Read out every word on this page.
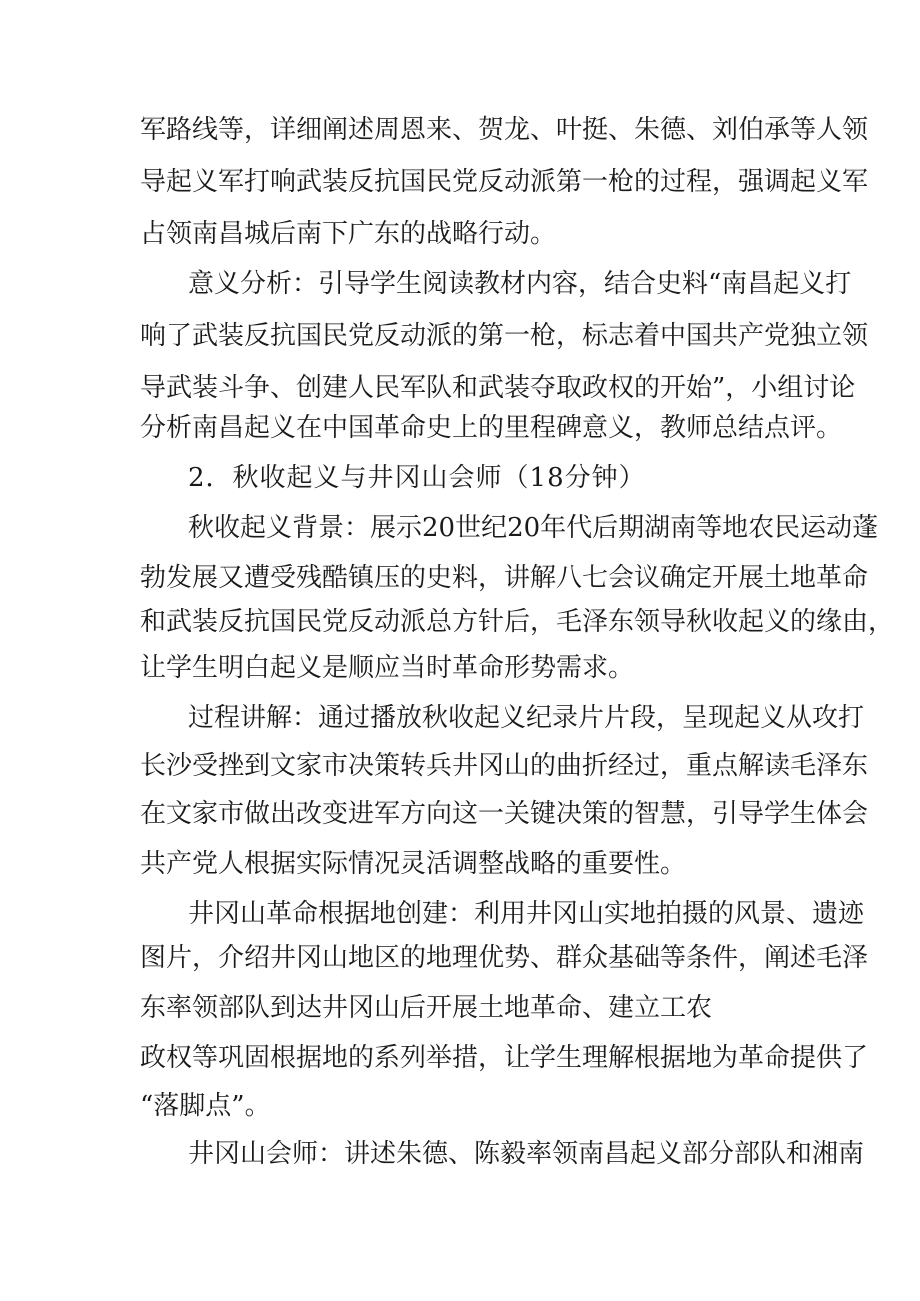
军路线等，详细阐述周恩来、贺龙、叶挺、朱德、刘伯承等人领
导起义军打响武装反抗国民党反动派第一枪的过程，强调起义军
占领南昌城后南下广东的战略行动。
意义分析：引导学生阅读教材内容，结合史料“南昌起义打
响了武装反抗国民党反动派的第一枪，标志着中国共产党独立领
导武装斗争、创建人民军队和武装夺取政权的开始”，小组讨论
分析南昌起义在中国革命史上的里程碑意义，教师总结点评。
2．秋收起义与井冈山会师（18分钟）
秋收起义背景：展示20世纪20年代后期湖南等地农民运动蓬
勃发展又遭受残酷镇压的史料，讲解八七会议确定开展土地革命
和武装反抗国民党反动派总方针后，毛泽东领导秋收起义的缘由，
让学生明白起义是顺应当时革命形势需求。
过程讲解：通过播放秋收起义纪录片片段，呈现起义从攻打
长沙受挫到文家市决策转兵井冈山的曲折经过，重点解读毛泽东
在文家市做出改变进军方向这一关键决策的智慧，引导学生体会
共产党人根据实际情况灵活调整战略的重要性。
井冈山革命根据地创建：利用井冈山实地拍摄的风景、遗迹
图片，介绍井冈山地区的地理优势、群众基础等条件，阐述毛泽
东率领部队到达井冈山后开展土地革命、建立工农
政权等巩固根据地的系列举措，让学生理解根据地为革命提供了
“落脚点”。
井冈山会师：讲述朱德、陈毅率领南昌起义部分部队和湘南
